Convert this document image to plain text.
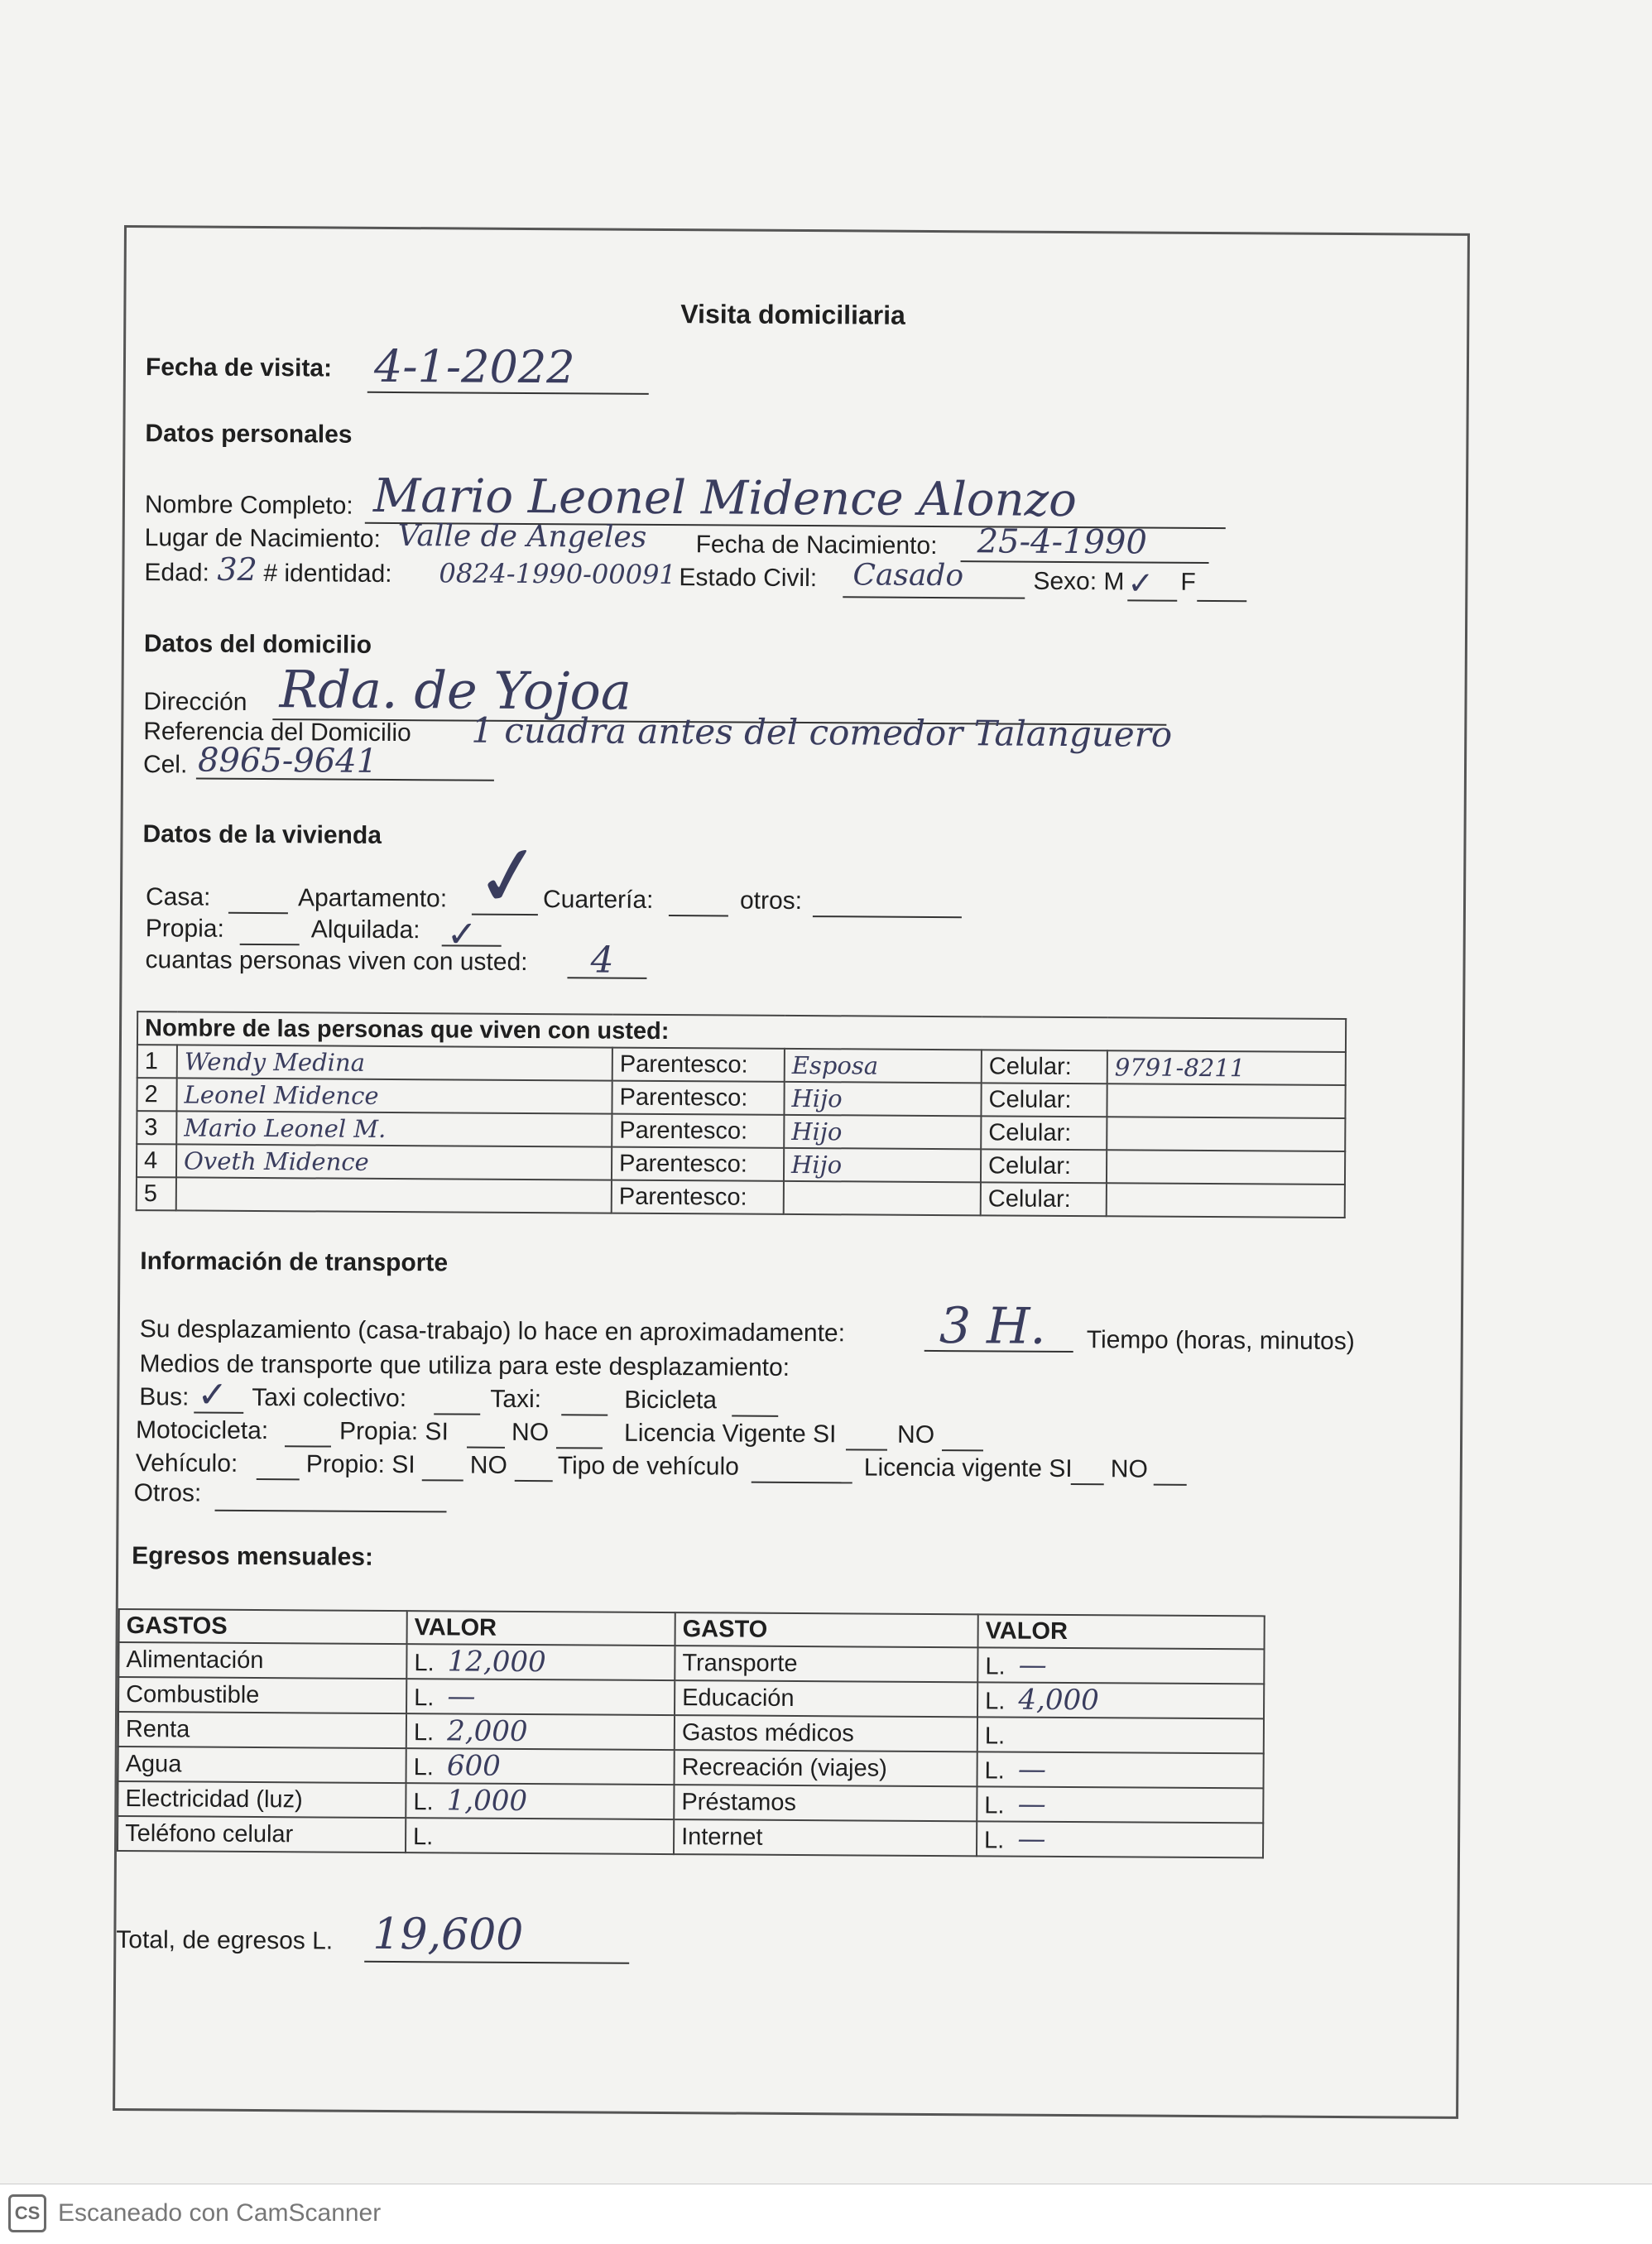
Visita domiciliaria
Fecha de visita: 4-1-2022
Datos personales
Nombre Completo: Mario Leonel Midence Alonzo
Lugar de Nacimiento: Valle de Angeles Fecha de Nacimiento: 25-4-1990
Edad: 32 # identidad: 0824-1990-00091 Estado Civil: Casado	Sexo: M ✓ F
Datos del domicilio
Dirección Rda. de Yojoa
Referencia del Domicilio 1 cuadra antes del comedor Talanguero
Cel. 8965-9641
Datos de la vivienda
Casa:	Apartamento: ✓
Cuartería:	otros:
Propia:	Alquilada: ✓
cuantas personas viven con usted: 4
Nombre de las personas que viven con usted:					
1	Wendy Medina	Parentesco:	Esposa	Celular:	9791-8211
2	Leonel Midence	Parentesco:	Hijo	Celular:	
3	Mario Leonel M.	Parentesco:	Hijo	Celular:	
4	Oveth Midence	Parentesco:	Hijo	Celular:	
5		Parentesco:		Celular:	
Información de transporte
Su desplazamiento (casa-trabajo) lo hace en aproximadamente: 3 H. Tiempo (horas, minutos)
Medios de transporte que utiliza para este desplazamiento:
Bus: ✓ Taxi colectivo:	Taxi:	Bicicleta
Motocicleta:	Propia: SI	NO	Licencia Vigente SI NO
Vehículo:	Propio: SI NO Tipo de vehículo	Licencia vigente SI NO
Otros:
Egresos mensuales:
GASTOS	VALOR	GASTO	VALOR
Alimentación	L. 12,000	Transporte	L. —
Combustible	L. —	Educación	L. 4,000
Renta	L. 2,000	Gastos médicos	L.
Agua	L. 600	Recreación (viajes)	L. —
Electricidad (luz)	L. 1,000	Préstamos	L. —
Teléfono celular	L.	Internet	L. —
Total, de egresos L. 19,600
CS Escaneado con CamScanner
